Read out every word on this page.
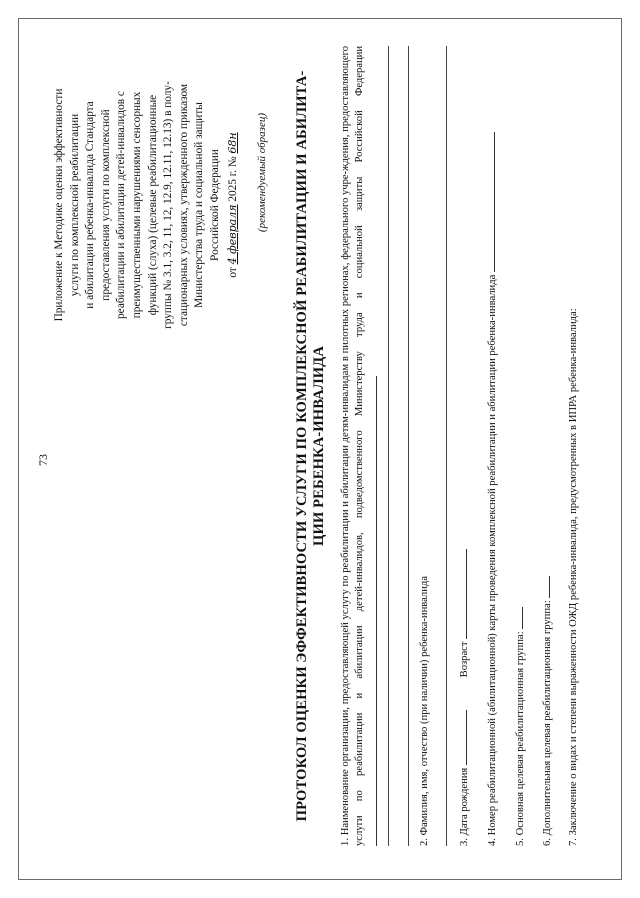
73
Приложение к Методике оценки эффективности услуги по комплексной реабилитации и абилитации ребенка-инвалида Стандарта предоставления услуги по комплексной реабилитации и абилитации детей-инвалидов с преимущественными нарушениями сенсорных функций (слуха) (целевые реабилитационные группы № 3.1, 3.2, 11, 12, 12.9, 12.11, 12.13) в полу- стационарных условиях, утвержденного приказом Министерства труда и социальной защиты Российской Федерации
от 4 февраля 2025 г. № 68н (рекомендуемый образец) ПРОТОКОЛ ОЦЕНКИ ЭФФЕКТИВНОСТИ УСЛУГИ ПО КОМПЛЕКСНОЙ РЕАБИЛИТАЦИИ И АБИЛИТА- ЦИИ РЕБЕНКА-ИНВАЛИДА 1. Наименование организации, предоставляющей услугу по реабилитации и абилитации детям-инвалидам в пилотных регионах, федерального учре-ждения, предоставляющего услуги по реабилитации и абилитации детей-инвалидов, подведомственного Министерству труда и социальной защиты Российской Федерации	2. Фамилия, имя, отчество (при наличии) ребенка-инвалида	3. Дата рождения  Возраст 4. Номер реабилитационной (абилитационной) карты проведения комплексной реабилитации и абилитации ребенка-инвалида 5. Основная целевая реабилитационная группа: 6. Дополнительная целевая реабилитационная группа: 7. Заключение о видах и степени выраженности ОЖД ребенка-инвалида, предусмотренных в ИПРА ребенка-инвалида:
